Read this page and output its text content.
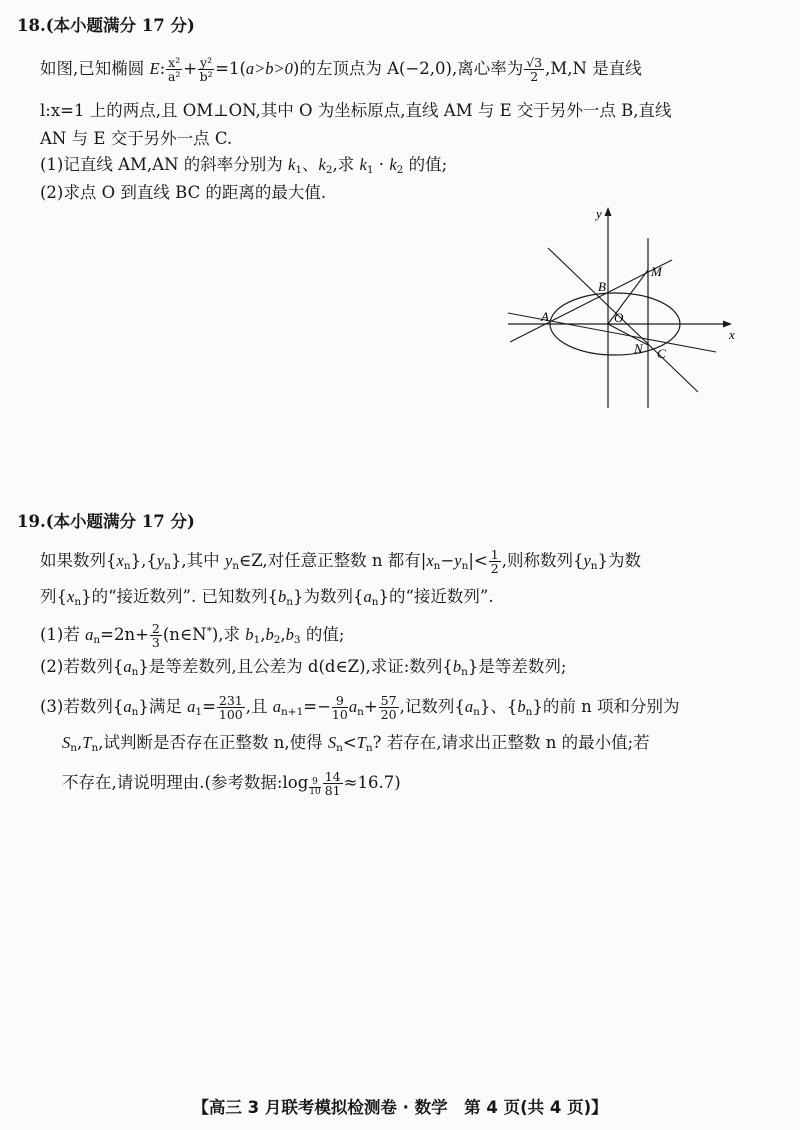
18.(本小题满分 17 分)
如图,已知椭圆 E: $\frac{\text{x²}}{\text{a²}} + \frac{\text{y²}}{\text{b²}} =1(a>b>0)$的左顶点为 A(−2,0),离心率为 $\frac{√3}{2} ,M,N$ 是直线
l:x=1 上的两点,且 OM⊥ON,其中 O 为坐标原点,直线 AM 与 E 交于另外一点 B,直线
AN 与 E 交于另外一点 C.
(1)记直线 AM,AN 的斜率分别为 $k_1$、$k_2$,求 $k_1 \cdot k_2$ 的值;
(2)求点 O 到直线 BC 的距离的最大值.
y
x
A
B
O
M
N C
19.(本小题满分 17 分)
如果数列$\{x_n\},\{y_n\}$,其中 $y_n\in Z$,对任意正整数 n 都有$|x_n-y_n|< \frac{1}{2}$ ,则称数列$\{y_n\}$为数
列$\{x_n\}$的“接近数列”. 已知数列$\{b_n\}$为数列$\{a_n\}$的“接近数列”.
(1)若 $a_n=2n+ \frac{2}{3}$ (n∈N*),求 $b_1,b_2,b_3$ 的值;
(2)若数列$\{a_n\}$是等差数列,且公差为 d(d∈Z),求证:数列$\{b_n\}$是等差数列;
(3)若数列$\{a_n\}$满足 $a_1= \frac{231}{100}$ ,且 $a_{n+1}=- \frac{9}{10} a_n+ \frac{57}{20}$ ,记数列$\{a_n\}$、$\{b_n\}$的前 n 项和分别为
$S_n,T_n$,试判断是否存在正整数 n,使得 $S_n<T_n$? 若存在,请求出正整数 n 的最小值;若
不存在,请说明理由.(参考数据:log $\frac{9}{10} \frac{14}{81} \approx 16.7$)
【高三 3 月联考模拟检测卷 · 数学　第 4 页(共 4 页)】
